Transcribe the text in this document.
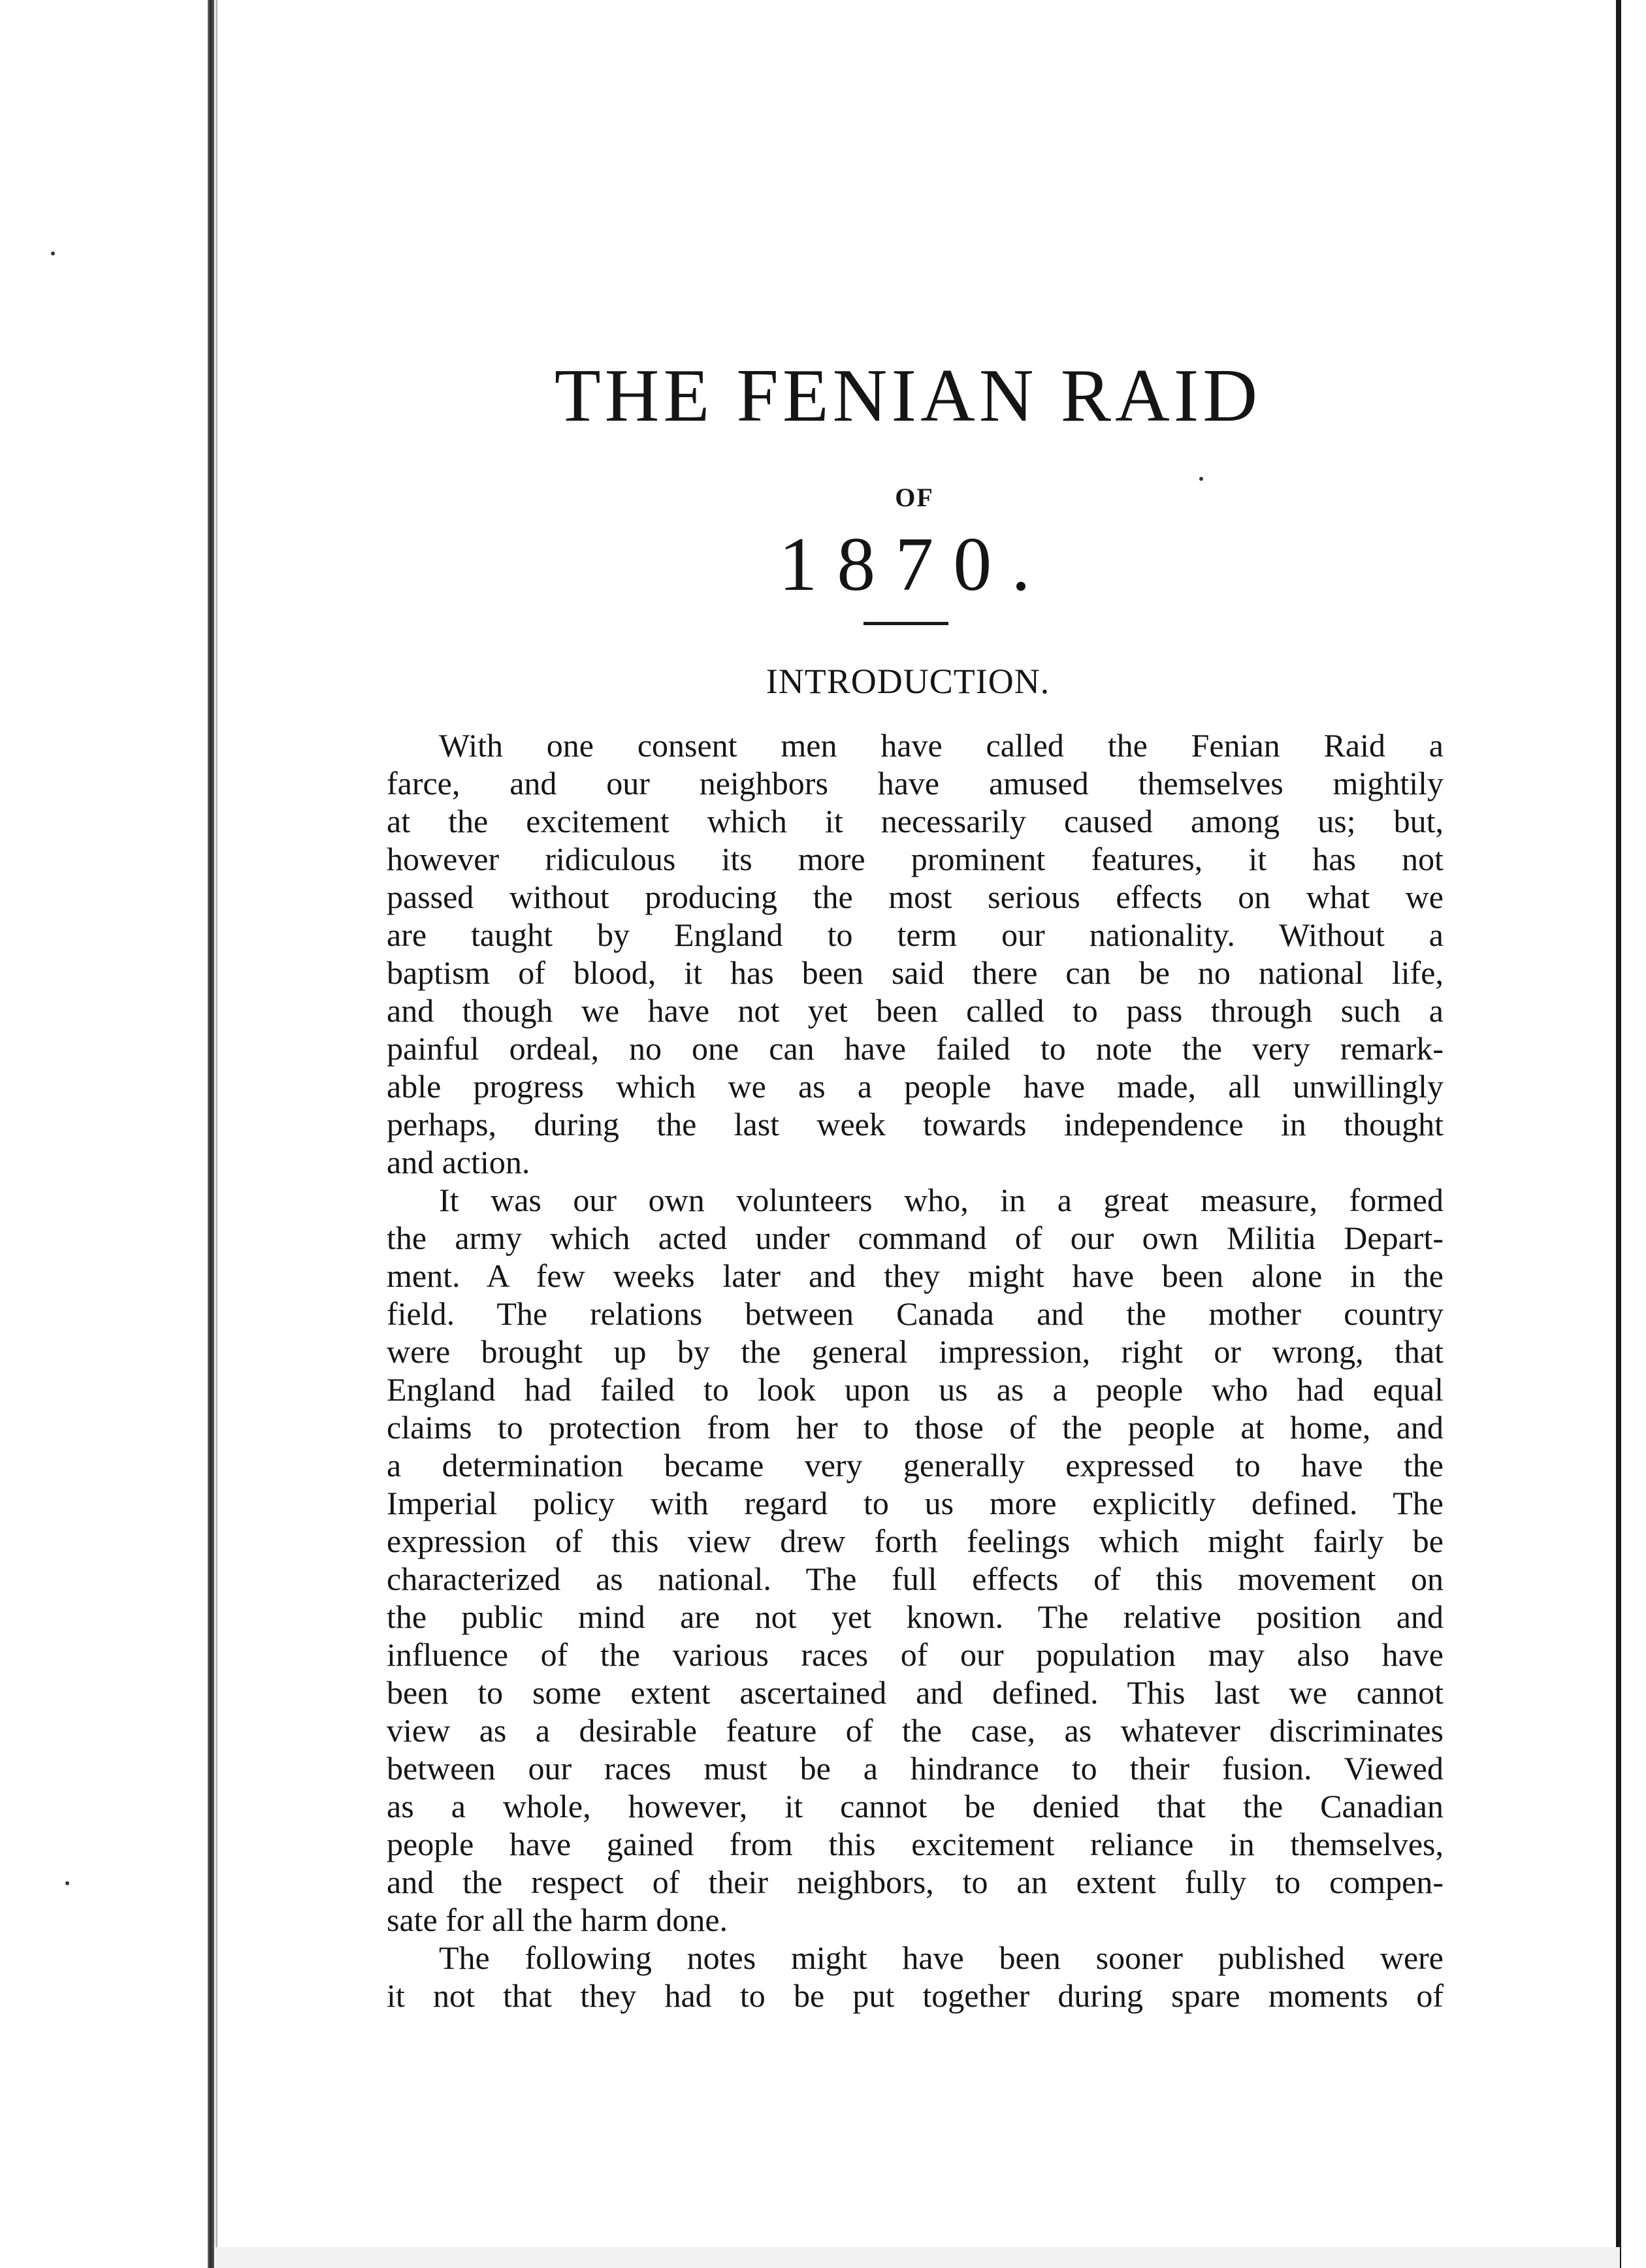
THE FENIAN RAID
OF
1870.
INTRODUCTION.
With one consent men have called the Fenian Raid a
farce, and our neighbors have amused themselves mightily
at the excitement which it necessarily caused among us; but,
however ridiculous its more prominent features, it has not
passed without producing the most serious effects on what we
are taught by England to term our nationality. Without a
baptism of blood, it has been said there can be no national life,
and though we have not yet been called to pass through such a
painful ordeal, no one can have failed to note the very remark-
able progress which we as a people have made, all unwillingly
perhaps, during the last week towards independence in thought
and action.
It was our own volunteers who, in a great measure, formed
the army which acted under command of our own Militia Depart-
ment. A few weeks later and they might have been alone in the
field. The relations between Canada and the mother country
were brought up by the general impression, right or wrong, that
England had failed to look upon us as a people who had equal
claims to protection from her to those of the people at home, and
a determination became very generally expressed to have the
Imperial policy with regard to us more explicitly defined. The
expression of this view drew forth feelings which might fairly be
characterized as national. The full effects of this movement on
the public mind are not yet known. The relative position and
influence of the various races of our population may also have
been to some extent ascertained and defined. This last we cannot
view as a desirable feature of the case, as whatever discriminates
between our races must be a hindrance to their fusion. Viewed
as a whole, however, it cannot be denied that the Canadian
people have gained from this excitement reliance in themselves,
and the respect of their neighbors, to an extent fully to compen-
sate for all the harm done.
The following notes might have been sooner published were
it not that they had to be put together during spare moments of
